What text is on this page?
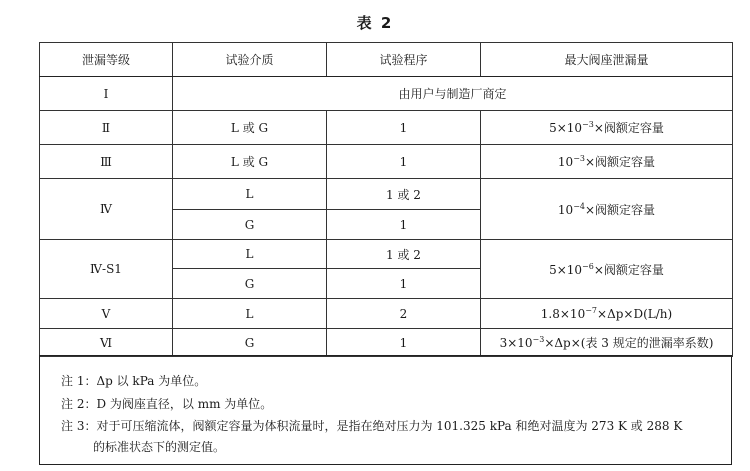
表 2
泄漏等级	试验介质	试验程序	最大阀座泄漏量
Ⅰ	由用户与制造厂商定		
Ⅱ	L 或 G	1	$5\times 10^{-3}\times$阀额定容量
Ⅲ	L 或 G	1	$10^{-3}\times$阀额定容量
Ⅳ	L	1 或 2	$10^{-4}\times$阀额定容量
	G	1	
Ⅳ-S1	L	1 或 2	$5\times 10^{-6}\times$阀额定容量
	G	1	
Ⅴ	L	2	$1.8\times 10^{-7}\times\Delta p\times D(L/h)$
Ⅵ	G	1	$3\times 10^{-3}\times\Delta p\times$(表 3 规定的泄漏率系数)
注 1：Δp 以 kPa 为单位。
注 2：D 为阀座直径，以 mm 为单位。
注 3：对于可压缩流体，阀额定容量为体积流量时，是指在绝对压力为 101.325 kPa 和绝对温度为 273 K 或 288 K
的标准状态下的测定值。
